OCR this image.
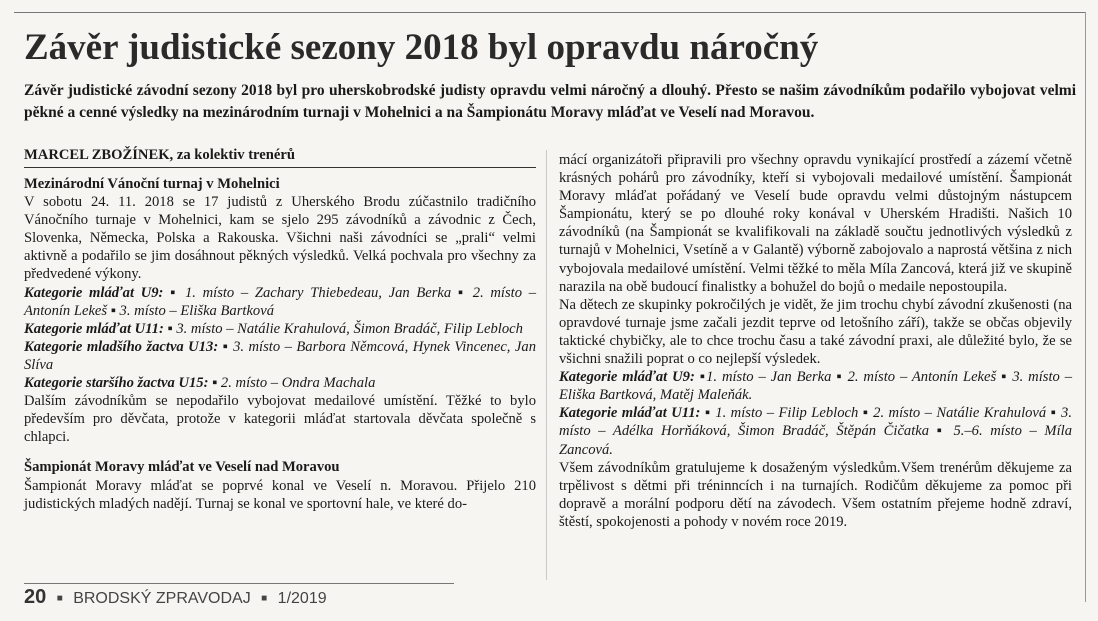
Závěr judistické sezony 2018 byl opravdu náročný

Závěr judistické závodní sezony 2018 byl pro uherskobrodské judisty opravdu velmi náročný a dlouhý. Přesto se našim závodníkům podařilo vybojovat velmi pěkné a cenné výsledky na mezinárodním turnaji v Mohelnici a na Šampionátu Moravy mláďat ve Veselí nad Moravou.

MARCEL ZBOŽÍNEK, za kolektiv trenérů

Mezinárodní Vánoční turnaj v Mohelnici

V sobotu 24. 11. 2018 se 17 judistů z Uherského Brodu zúčastnilo tradičního Vánočního turnaje v Mohelnici, kam se sjelo 295 závodníků a závodnic z Čech, Slovenka, Německa, Polska a Rakouska. Všichni naši závodníci se „prali“ velmi aktivně a podařilo se jim dosáhnout pěkných výsledků. Velká pochvala pro všechny za předvedené výkony.

Kategorie mláďat U9: ▪ 1. místo – Zachary Thiebedeau, Jan Berka ▪ 2. místo – Antonín Lekeš ▪ 3. místo – Eliška Bartková

Kategorie mláďat U11: ▪ 3. místo – Natálie Krahulová, Šimon Bradáč, Filip Lebloch

Kategorie mladšího žactva U13: ▪ 3. místo – Barbora Němcová, Hynek Vincenec, Jan Slíva

Kategorie staršího žactva U15: ▪ 2. místo – Ondra Machala

Dalším závodníkům se nepodařilo vybojovat medailové umístění. Těžké to bylo především pro děvčata, protože v kategorii mláďat startovala děvčata společně s chlapci.

Šampionát Moravy mláďat ve Veselí nad Moravou

Šampionát Moravy mláďat se poprvé konal ve Veselí n. Moravou. Přijelo 210 judistických mladých nadějí. Turnaj se konal ve sportovní hale, ve které do-

mácí organizátoři připravili pro všechny opravdu vynikající prostředí a zázemí včetně krásných pohárů pro závodníky, kteří si vybojovali medailové umístění. Šampionát Moravy mláďat pořádaný ve Veselí bude opravdu velmi důstojným nástupcem Šampionátu, který se po dlouhé roky konával v Uherském Hradišti. Našich 10 závodníků (na Šampionát se kvalifikovali na základě součtu jednotlivých výsledků z turnajů v Mohelnici, Vsetíně a v Galantě) výborně zabojovalo a naprostá většina z nich vybojovala medailové umístění. Velmi těžké to měla Míla Zancová, která již ve skupině narazila na obě budoucí finalistky a bohužel do bojů o medaile nepostoupila.

Na dětech ze skupinky pokročilých je vidět, že jim trochu chybí závodní zkušenosti (na opravdové turnaje jsme začali jezdit teprve od letošního září), takže se občas objevily taktické chybičky, ale to chce trochu času a také závodní praxi, ale důležité bylo, že se všichni snažili poprat o co nejlepší výsledek.

Kategorie mláďat U9: ▪1. místo – Jan Berka ▪ 2. místo – Antonín Lekeš ▪ 3. místo – Eliška Bartková, Matěj Maleňák.

Kategorie mláďat U11: ▪ 1. místo – Filip Lebloch ▪ 2. místo – Natálie Krahulová ▪ 3. místo – Adélka Horňáková, Šimon Bradáč, Štěpán Čičatka ▪ 5.–6. místo – Míla Zancová.

Všem závodníkům gratulujeme k dosaženým výsledkům.Všem trenérům děkujeme za trpělivost s dětmi při tréninncích i na turnajích. Rodičům děkujeme za pomoc při dopravě a morální podporu dětí na závodech. Všem ostatním přejeme hodně zdraví, štěstí, spokojenosti a pohody v novém roce 2019.

20 ■ BRODSKÝ ZPRAVODAJ ■ 1/2019
